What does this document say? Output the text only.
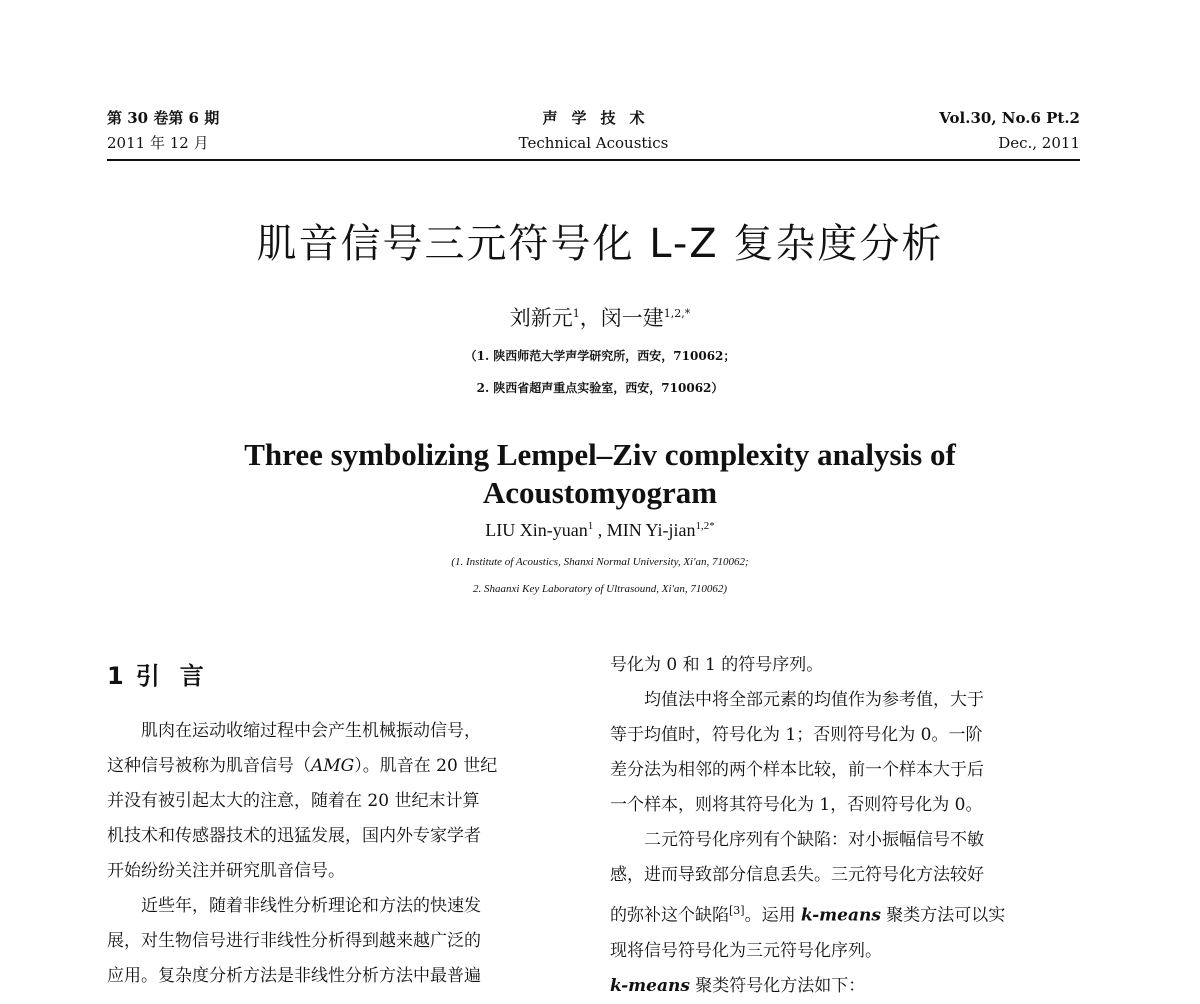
第 30 卷第 6 期
2011 年 12 月
声学技术
Technical Acoustics
Vol.30, No.6 Pt.2
Dec., 2011
肌音信号三元符号化 L-Z 复杂度分析
刘新元$^1$，闵一建$^{1,2,*}$
（1. 陕西师范大学声学研究所，西安，710062；
2. 陕西省超声重点实验室，西安，710062）
Three symbolizing Lempel–Ziv complexity analysis of
Acoustomyogram
LIU Xin-yuan$^1$ , MIN Yi-jian$^{1,2*}$
(1. Institute of Acoustics, Shanxi Normal University, Xi'an, 710062;
2. Shaanxi Key Laboratory of Ultrasound, Xi'an, 710062)
1 引言

肌肉在运动收缩过程中会产生机械振动信号，
这种信号被称为肌音信号（AMG）。肌音在 20 世纪
并没有被引起太大的注意，随着在 20 世纪末计算
机技术和传感器技术的迅猛发展，国内外专家学者
开始纷纷关注并研究肌音信号。

近些年，随着非线性分析理论和方法的快速发
展，对生物信号进行非线性分析得到越来越广泛的
应用。复杂度分析方法是非线性分析方法中最普遍

号化为 0 和 1 的符号序列。

均值法中将全部元素的均值作为参考值，大于
等于均值时，符号化为 1；否则符号化为 0。一阶
差分法为相邻的两个样本比较，前一个样本大于后
一个样本，则将其符号化为 1，否则符号化为 0。

二元符号化序列有个缺陷：对小振幅信号不敏
感，进而导致部分信息丢失。三元符号化方法较好
的弥补这个缺陷[3]。运用 k-means 聚类方法可以实
现将信号符号化为三元符号化序列。

k-means 聚类符号化方法如下：
